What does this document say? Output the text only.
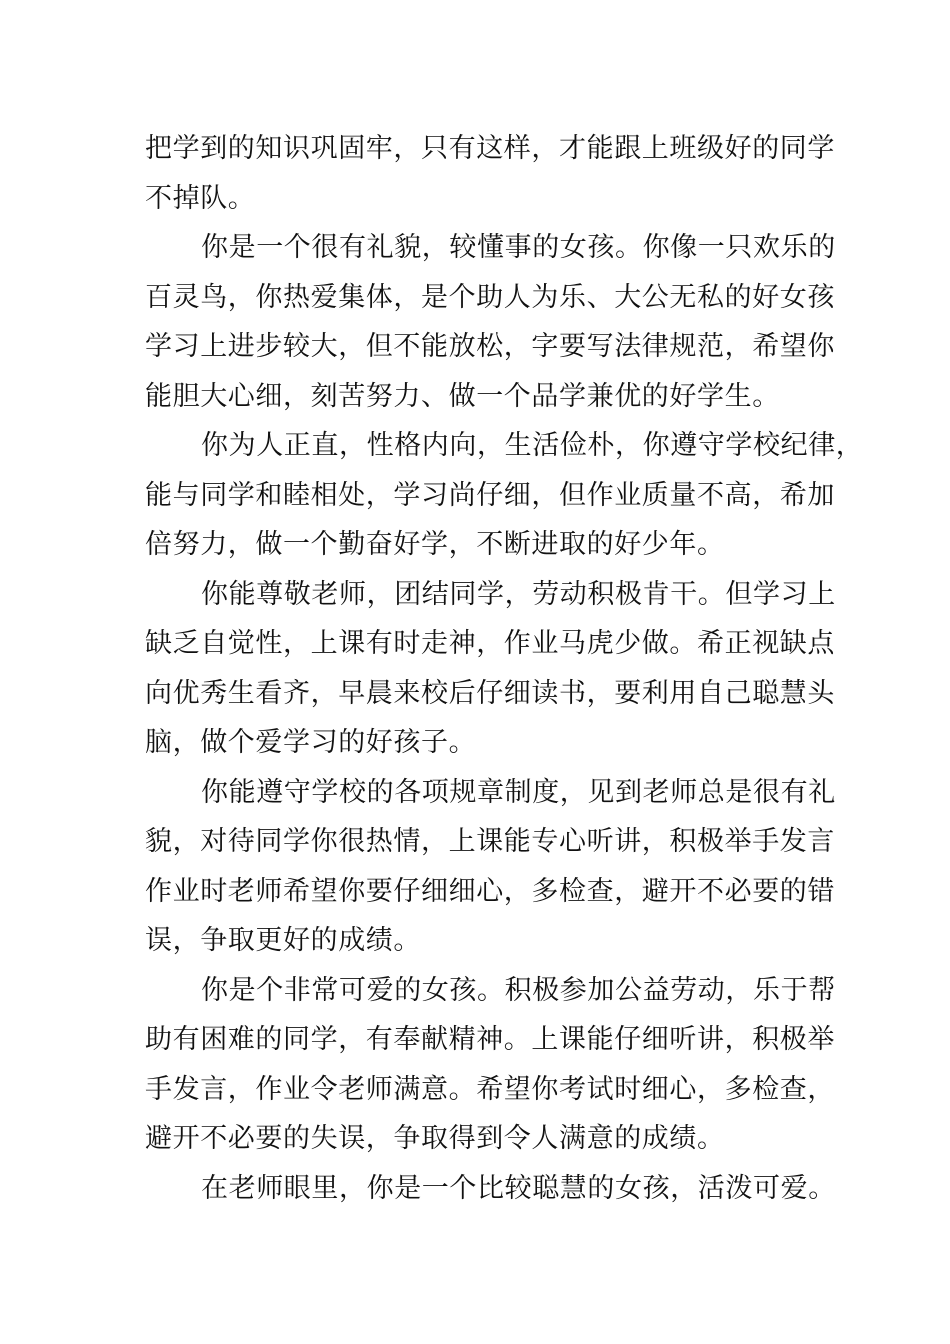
把学到的知识巩固牢，只有这样，才能跟上班级好的同学
不掉队。
你是一个很有礼貌，较懂事的女孩。你像一只欢乐的
百灵鸟，你热爱集体，是个助人为乐、大公无私的好女孩
学习上进步较大，但不能放松，字要写法律规范，希望你
能胆大心细，刻苦努力、做一个品学兼优的好学生。
你为人正直，性格内向，生活俭朴，你遵守学校纪律，
能与同学和睦相处，学习尚仔细，但作业质量不高，希加
倍努力，做一个勤奋好学，不断进取的好少年。
你能尊敬老师，团结同学，劳动积极肯干。但学习上
缺乏自觉性，上课有时走神，作业马虎少做。希正视缺点
向优秀生看齐，早晨来校后仔细读书，要利用自己聪慧头
脑，做个爱学习的好孩子。
你能遵守学校的各项规章制度，见到老师总是很有礼
貌，对待同学你很热情，上课能专心听讲，积极举手发言
作业时老师希望你要仔细细心，多检查，避开不必要的错
误，争取更好的成绩。
你是个非常可爱的女孩。积极参加公益劳动，乐于帮
助有困难的同学，有奉献精神。上课能仔细听讲，积极举
手发言，作业令老师满意。希望你考试时细心，多检查，
避开不必要的失误，争取得到令人满意的成绩。
在老师眼里，你是一个比较聪慧的女孩，活泼可爱。
